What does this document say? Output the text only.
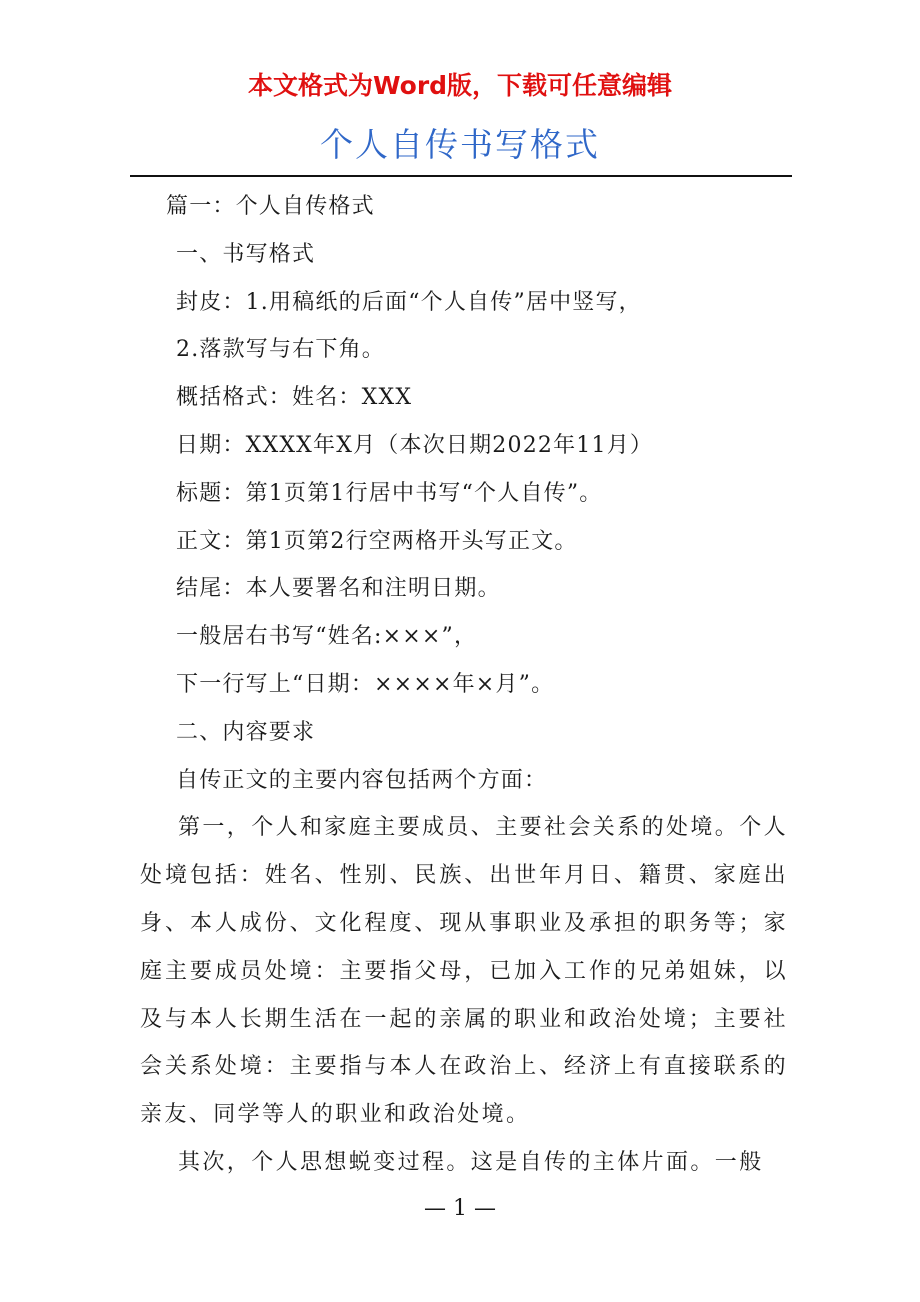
本文格式为Word版，下载可任意编辑
个人自传书写格式
篇一：个人自传格式
一、书写格式
封皮：1.用稿纸的后面“个人自传”居中竖写，
2.落款写与右下角。
概括格式：姓名：XXX
日期：XXXX年X月（本次日期2022年11月）
标题：第1页第1行居中书写“个人自传”。
正文：第1页第2行空两格开头写正文。
结尾：本人要署名和注明日期。
一般居右书写“姓名:×××”，
下一行写上“日期：××××年×月”。
二、内容要求
自传正文的主要内容包括两个方面：
第一，个人和家庭主要成员、主要社会关系的处境。个人处境包括：姓名、性别、民族、出世年月日、籍贯、家庭出身、本人成份、文化程度、现从事职业及承担的职务等；家庭主要成员处境：主要指父母，已加入工作的兄弟姐妹，以及与本人长期生活在一起的亲属的职业和政治处境；主要社会关系处境：主要指与本人在政治上、经济上有直接联系的亲友、同学等人的职业和政治处境。
其次，个人思想蜕变过程。这是自传的主体片面。一般
— 1 —
